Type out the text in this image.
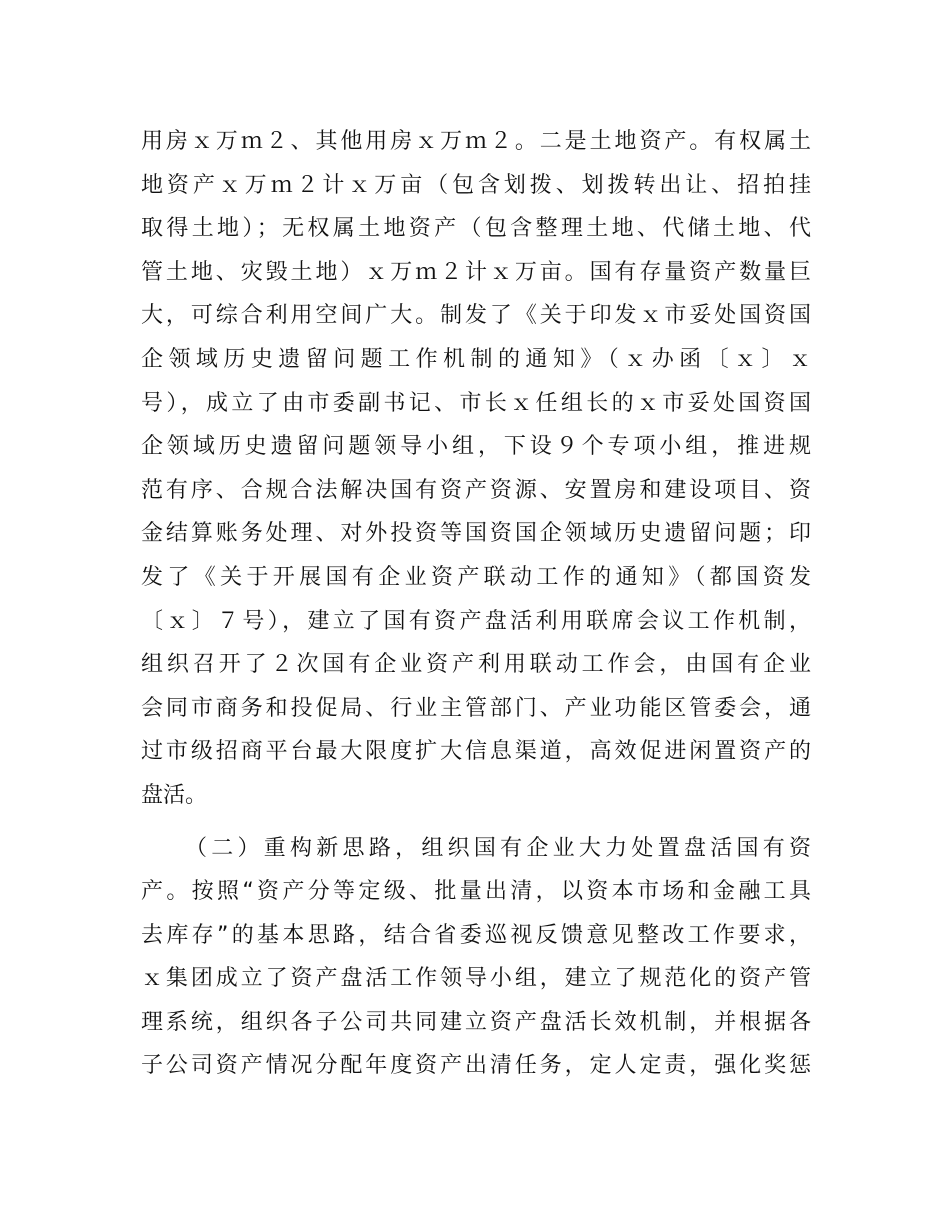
用房ｘ万ｍ２、其他用房ｘ万ｍ２。二是土地资产。有权属土
地资产ｘ万ｍ２计ｘ万亩（包含划拨、划拨转出让、招拍挂
取得土地）；无权属土地资产（包含整理土地、代储土地、代
管土地、灾毁土地）ｘ万ｍ２计ｘ万亩。国有存量资产数量巨
大，可综合利用空间广大。制发了《关于印发ｘ市妥处国资国
企领域历史遗留问题工作机制的通知》（ｘ办函〔ｘ〕ｘ
号），成立了由市委副书记、市长ｘ任组长的ｘ市妥处国资国
企领域历史遗留问题领导小组，下设９个专项小组，推进规
范有序、合规合法解决国有资产资源、安置房和建设项目、资
金结算账务处理、对外投资等国资国企领域历史遗留问题；印
发了《关于开展国有企业资产联动工作的通知》（都国资发
〔ｘ〕７号），建立了国有资产盘活利用联席会议工作机制，
组织召开了２次国有企业资产利用联动工作会，由国有企业
会同市商务和投促局、行业主管部门、产业功能区管委会，通
过市级招商平台最大限度扩大信息渠道，高效促进闲置资产的
盘活。
（二）重构新思路，组织国有企业大力处置盘活国有资
产。按照“资产分等定级、批量出清，以资本市场和金融工具
去库存”的基本思路，结合省委巡视反馈意见整改工作要求，
ｘ集团成立了资产盘活工作领导小组，建立了规范化的资产管
理系统，组织各子公司共同建立资产盘活长效机制，并根据各
子公司资产情况分配年度资产出清任务，定人定责，强化奖惩
